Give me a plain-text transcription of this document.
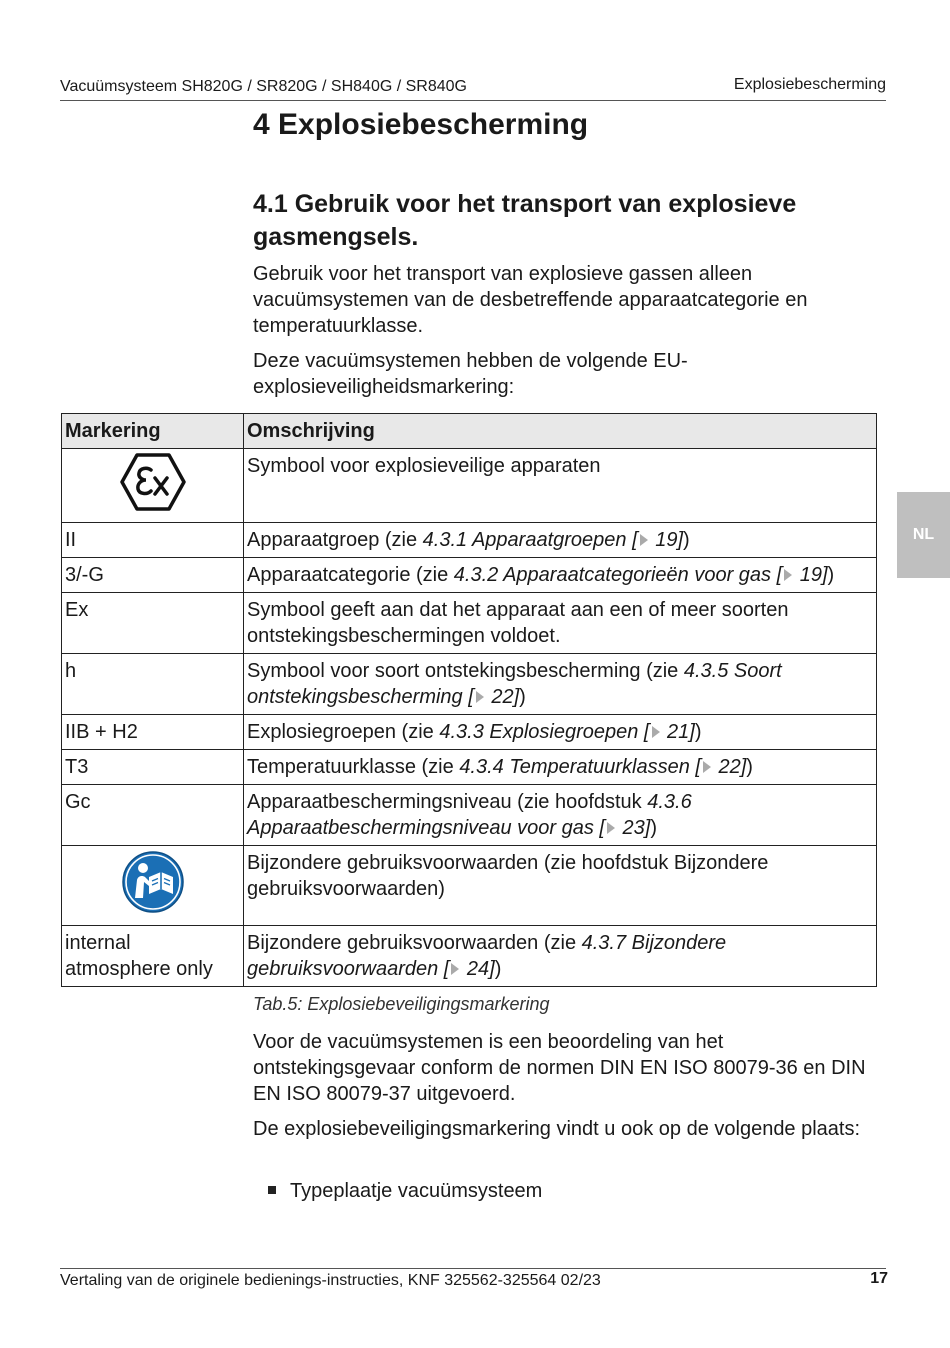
Vacuümsysteem SH820G / SR820G / SH840G / SR840G	Explosiebescherming
NL
4 Explosiebescherming
4.1 Gebruik voor het transport van explosieve gasmengsels.

Gebruik voor het transport van explosieve gassen alleen vacuümsystemen van de desbetreffende apparaatcategorie en temperatuurklasse.

Deze vacuümsystemen hebben de volgende EU-explosieveiligheidsmarkering:

Markering	Omschrijving
	Symbool voor explosieveilige apparaten
II	Apparaatgroep (zie 4.3.1 Apparaatgroepen [ 19])
3/-G	Apparaatcategorie (zie 4.3.2 Apparaatcategorieën voor gas [ 19])
Ex	Symbool geeft aan dat het apparaat aan een of meer soorten ontstekingsbeschermingen voldoet.
h	Symbool voor soort ontstekingsbescherming (zie 4.3.5 Soort ontstekingsbescherming [ 22])
IIB + H2	Explosiegroepen (zie 4.3.3 Explosiegroepen [ 21])
T3	Temperatuurklasse (zie 4.3.4 Temperatuurklassen [ 22])
Gc	Apparaatbeschermingsniveau (zie hoofdstuk 4.3.6 Apparaatbeschermingsniveau voor gas [ 23])
	Bijzondere gebruiksvoorwaarden (zie hoofdstuk Bijzondere gebruiksvoorwaarden)
internal atmosphere only	Bijzondere gebruiksvoorwaarden (zie 4.3.7 Bijzondere gebruiksvoorwaarden [ 24])
Tab.5: Explosiebeveiligingsmarkering

Voor de vacuümsystemen is een beoordeling van het ontstekingsgevaar conform de normen DIN EN ISO 80079-36 en DIN EN ISO 80079-37 uitgevoerd.

De explosiebeveiligingsmarkering vindt u ook op de volgende plaats:

Typeplaatje vacuümsysteem
Vertaling van de originele bedienings-instructies, KNF 325562-325564 02/23	17
